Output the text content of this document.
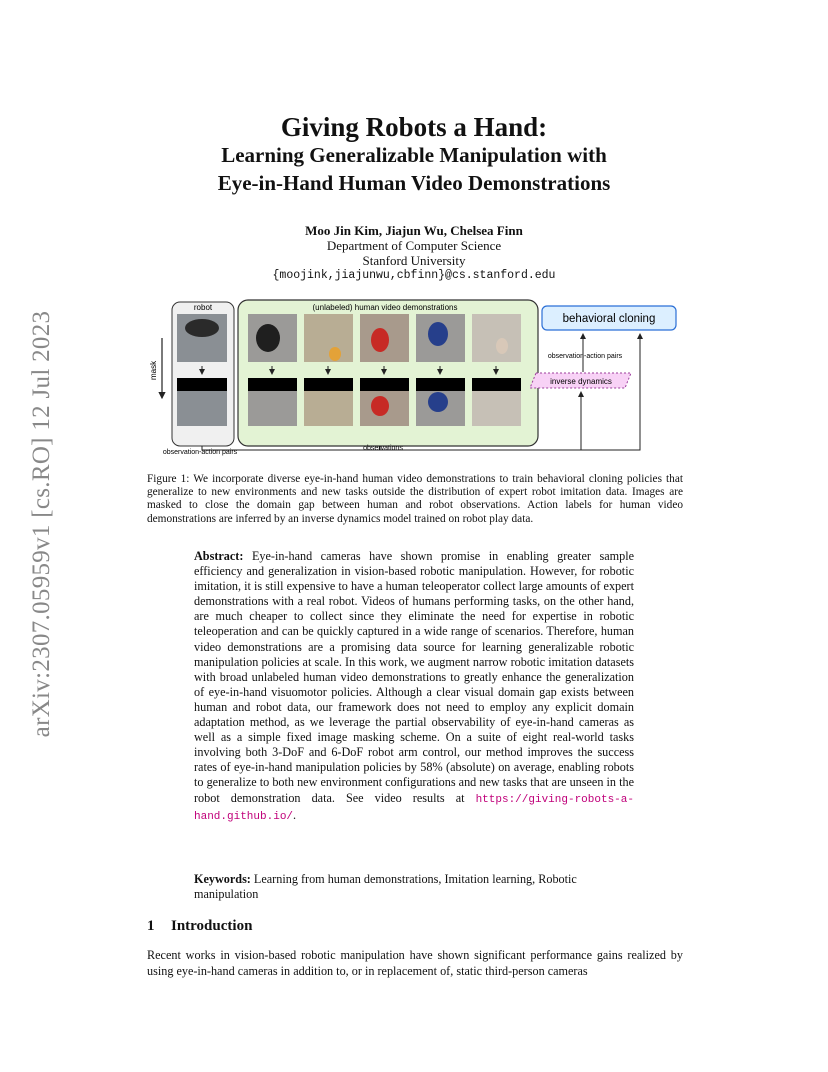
arXiv:2307.05959v1 [cs.RO] 12 Jul 2023
Giving Robots a Hand:
Learning Generalizable Manipulation with
Eye-in-Hand Human Video Demonstrations
Moo Jin Kim, Jiajun Wu, Chelsea Finn
Department of Computer Science
Stanford University
{moojink,jiajunwu,cbfinn}@cs.stanford.edu
robot
mask
(unlabeled) human video demonstrations
behavioral cloning
observation-action pairs
inverse dynamics
observation-action pairs
observations
Figure 1: We incorporate diverse eye-in-hand human video demonstrations to train behavioral cloning policies that generalize to new environments and new tasks outside the distribution of expert robot imitation data. Images are masked to close the domain gap between human and robot observations. Action labels for human video demonstrations are inferred by an inverse dynamics model trained on robot play data.
Abstract: Eye-in-hand cameras have shown promise in enabling greater sample efficiency and generalization in vision-based robotic manipulation. However, for robotic imitation, it is still expensive to have a human teleoperator collect large amounts of expert demonstrations with a real robot. Videos of humans performing tasks, on the other hand, are much cheaper to collect since they eliminate the need for expertise in robotic teleoperation and can be quickly captured in a wide range of scenarios. Therefore, human video demonstrations are a promising data source for learning generalizable robotic manipulation policies at scale. In this work, we augment narrow robotic imitation datasets with broad unlabeled human video demonstrations to greatly enhance the generalization of eye-in-hand visuomotor policies. Although a clear visual domain gap exists between human and robot data, our framework does not need to employ any explicit domain adaptation method, as we leverage the partial observability of eye-in-hand cameras as well as a simple fixed image masking scheme. On a suite of eight real-world tasks involving both 3-DoF and 6-DoF robot arm control, our method improves the success rates of eye-in-hand manipulation policies by 58% (absolute) on average, enabling robots to generalize to both new environment configurations and new tasks that are unseen in the robot demonstration data. See video results at https://giving-robots-a-hand.github.io/.
Keywords: Learning from human demonstrations, Imitation learning, Robotic manipulation
1 Introduction
Recent works in vision-based robotic manipulation have shown significant performance gains realized by using eye-in-hand cameras in addition to, or in replacement of, static third-person cameras
